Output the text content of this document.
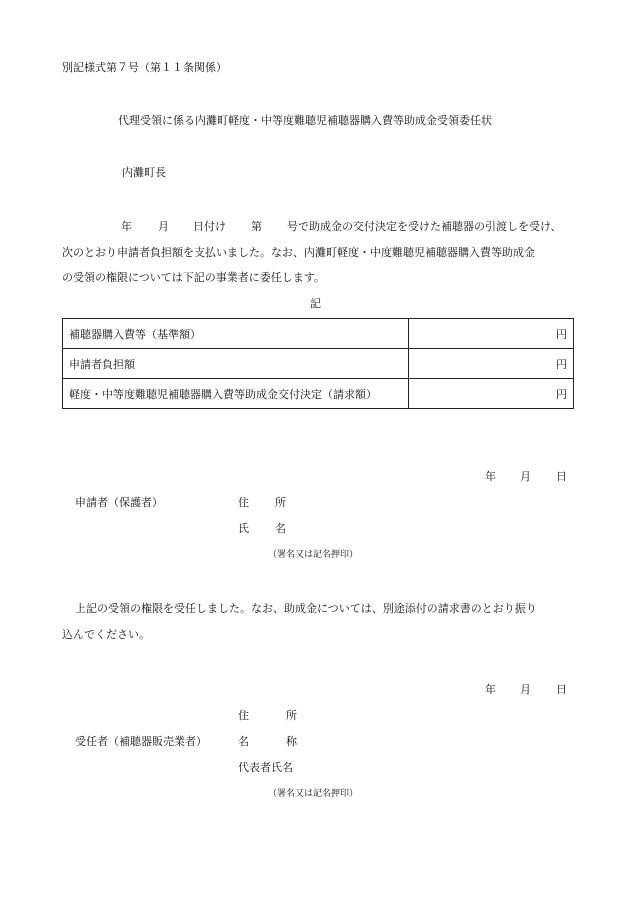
別記様式第７号（第１１条関係）
代理受領に係る内灘町軽度・中等度難聴児補聴器購入費等助成金受領委任状
内灘町長
年 月 日付け 第 号で助成金の交付決定を受けた補聴器の引渡しを受け、
次のとおり申請者負担額を支払いました。なお、内灘町軽度・中度難聴児補聴器購入費等助成金
の受領の権限については下記の事業者に委任します。
記
補聴器購入費等（基準額）	円
申請者負担額	円
軽度・中等度難聴児補聴器購入費等助成金交付決定（請求額）	円
年 月 日
申請者（保護者）	住 所
氏 名
（署名又は記名押印）
上記の受領の権限を受任しました。なお、助成金については、別途添付の請求書のとおり振り
込んでください。
年 月 日
住	所
受任者（補聴器販売業者）	名	称
代表者氏名
（署名又は記名押印）
